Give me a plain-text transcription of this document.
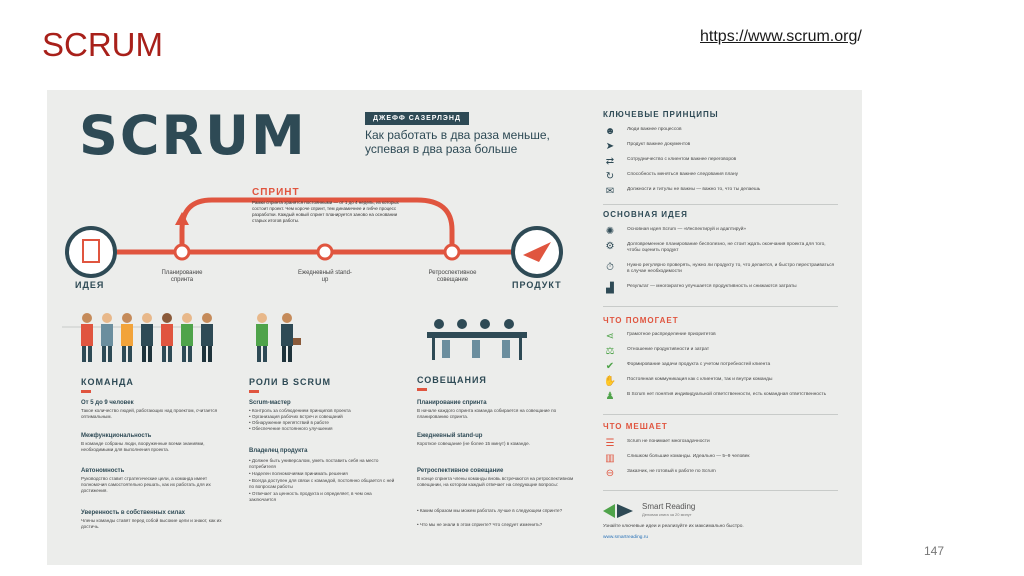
SCRUM	https://www.scrum.org/
SCRUM	ДЖЕФФ САЗЕРЛЭНД
Как работать в два раза меньше, успевая в два раза больше
СПРИНТ
Рамки спринта хранятся постоянными — от 1 до 4 недель, из которых состоит проект. Чем короче спринт, тем динамичнее и гибче процесс разработки. Каждый новый спринт планируется заново на основании старых итогов работы.
ИДЕЯ	ПРОДУКТ
Планирование спринта
Ежедневный stand-up
Ретроспективное совещание
КОМАНДА
От 5 до 9 человек
Такое количество людей, работающих над проектом, считается оптимальным.
Межфункциональность
В команде собраны люди, вооруженные всеми знаниями, необходимыми для выполнения проекта.
Автономность
Руководство ставит стратегические цели, а команда имеет полномочия самостоятельно решать, как их работать для их достижения.
Уверенность в собственных силах
Члены команды ставят перед собой высокие цели и знают, как их достичь.
РОЛИ В SCRUM
Scrum-мастер
• Контроль за соблюдением принципов проекта
• Организация рабочих встреч и совещаний
• Обнаружение препятствий в работе
• Обеспечение постоянного улучшения
Владелец продукта
• Должен быть универсалом, уметь поставить себя на место потребителя
• Наделен полномочиями принимать решения
• Всегда доступен для связи с командой, постоянно общается с ней по вопросам работы
• Отвечает за ценность продукта и определяет, в чем она заключается
СОВЕЩАНИЯ
Планирование спринта
В начале каждого спринта команда собирается на совещание по планированию спринта.
Ежедневный stand-up
Короткое совещание (не более 15 минут) в команде.
Ретроспективное совещание
В конце спринта члены команды вновь встречаются на ретроспективном совещании, на котором каждый отвечает на следующие вопросы:
• Каким образом мы можем работать лучше в следующем спринте?
• Что мы не знали в этом спринте? Что следует изменить?
КЛЮЧЕВЫЕ ПРИНЦИПЫ
☻	Люди важнее процессов
➤	Продукт важнее документов
⇄	Сотрудничество с клиентом важнее переговоров
↻	Способность меняться важнее следования плану
✉	Должности и титулы не важны — важно то, что ты делаешь
ОСНОВНАЯ ИДЕЯ
✺	Основная идея Scrum — «Инспектируй и адаптируй»
⚙	Долговременное планирование бесполезно, не стоит ждать окончания проекта для того, чтобы оценить продукт
⏱	Нужно регулярно проверять, нужно ли продукту то, что делается, и быстро перестраиваться в случае необходимости
▟	Результат — многократно улучшается продуктивность и снижаются затраты
ЧТО ПОМОГАЕТ
⋖	Грамотное распределение приоритетов
⚖	Отношение продуктивности и затрат
✔	Формирование задачи продукта с учетом потребностей клиента
✋ Постоянная коммуникация как с клиентом, так и внутри команды
♟	В Scrum нет понятия индивидуальной ответственности, есть командная ответственность
ЧТО МЕШАЕТ
☰	Scrum не понимает многозадачности
▥	Слишком большие команды. Идеально — 5–9 человек
⊖	Заказчик, не готовый к работе по Scrum
Smart Reading
Деловая книга за 20 минут
Узнайте ключевые идеи и реализуйте их максимально быстро.
www.smartreading.ru
147
